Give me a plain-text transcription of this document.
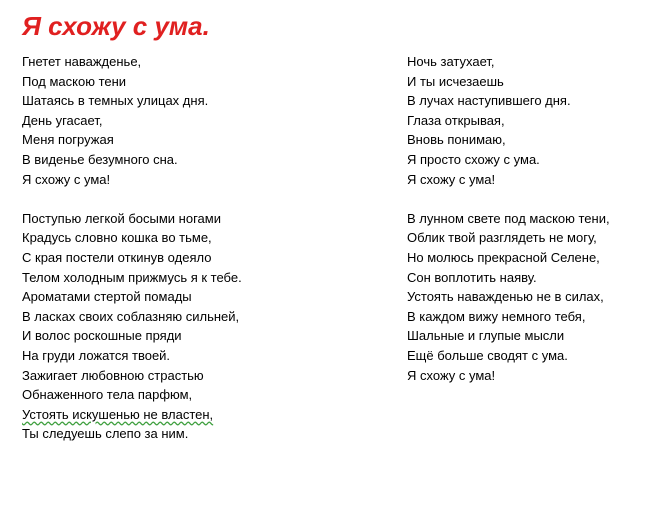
Я схожу с ума.
Гнетет наважденье,
Под маскою тени
Шатаясь в темных улицах дня.
День угасает,
Меня погружая
В виденье безумного сна.
Я схожу с ума!
Поступью легкой босыми ногами
Крадусь словно кошка во тьме,
С края постели откинув одеяло
Телом холодным прижмусь я к тебе.
Ароматами стертой помады
В ласках своих соблазняю сильней,
И волос роскошные пряди
На груди ложатся твоей.
Зажигает любовною страстью
Обнаженного тела парфюм,
Устоять искушенью не властен,
Ты следуешь слепо за ним.
Ночь затухает,
И ты исчезаешь
В лучах наступившего дня.
Глаза открывая,
Вновь понимаю,
Я просто схожу с ума.
Я схожу с ума!
В лунном свете под маскою тени,
Облик твой разглядеть не могу,
Но молюсь прекрасной Селене,
Сон воплотить наяву.
Устоять наважденью не в силах,
В каждом вижу немного тебя,
Шальные и глупые мысли
Ещё больше сводят с ума.
Я схожу с ума!
